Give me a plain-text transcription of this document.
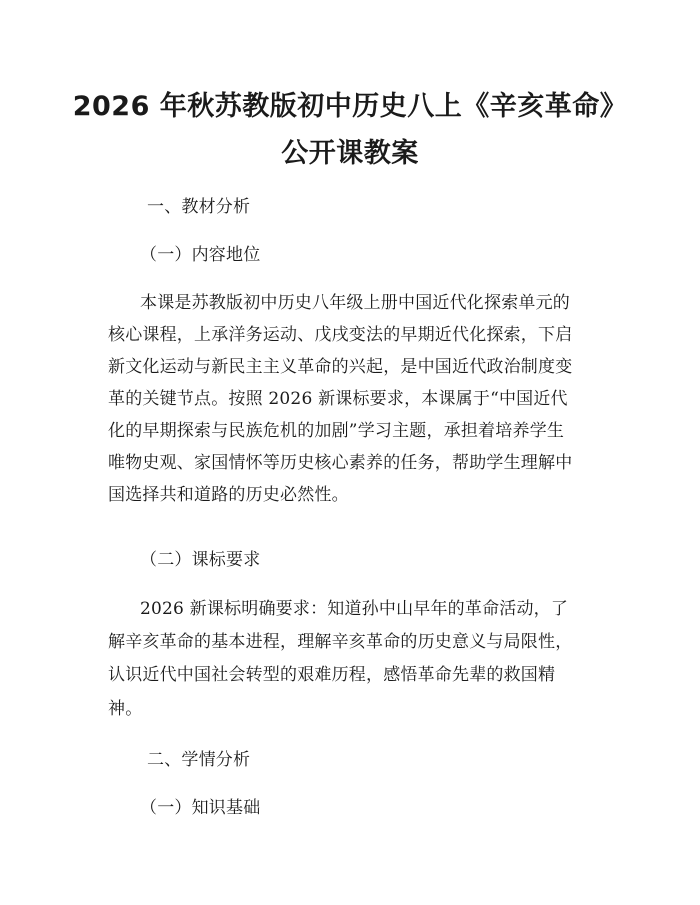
2026 年秋苏教版初中历史八上《辛亥革命》
公开课教案
一、教材分析
（一）内容地位
本课是苏教版初中历史八年级上册中国近代化探索单元的
核心课程，上承洋务运动、戊戌变法的早期近代化探索，下启
新文化运动与新民主主义革命的兴起，是中国近代政治制度变
革的关键节点。按照 2026 新课标要求，本课属于“中国近代
化的早期探索与民族危机的加剧”学习主题，承担着培养学生
唯物史观、家国情怀等历史核心素养的任务，帮助学生理解中
国选择共和道路的历史必然性。
（二）课标要求
2026 新课标明确要求：知道孙中山早年的革命活动，了
解辛亥革命的基本进程，理解辛亥革命的历史意义与局限性，
认识近代中国社会转型的艰难历程，感悟革命先辈的救国精
神。
二、学情分析
（一）知识基础
